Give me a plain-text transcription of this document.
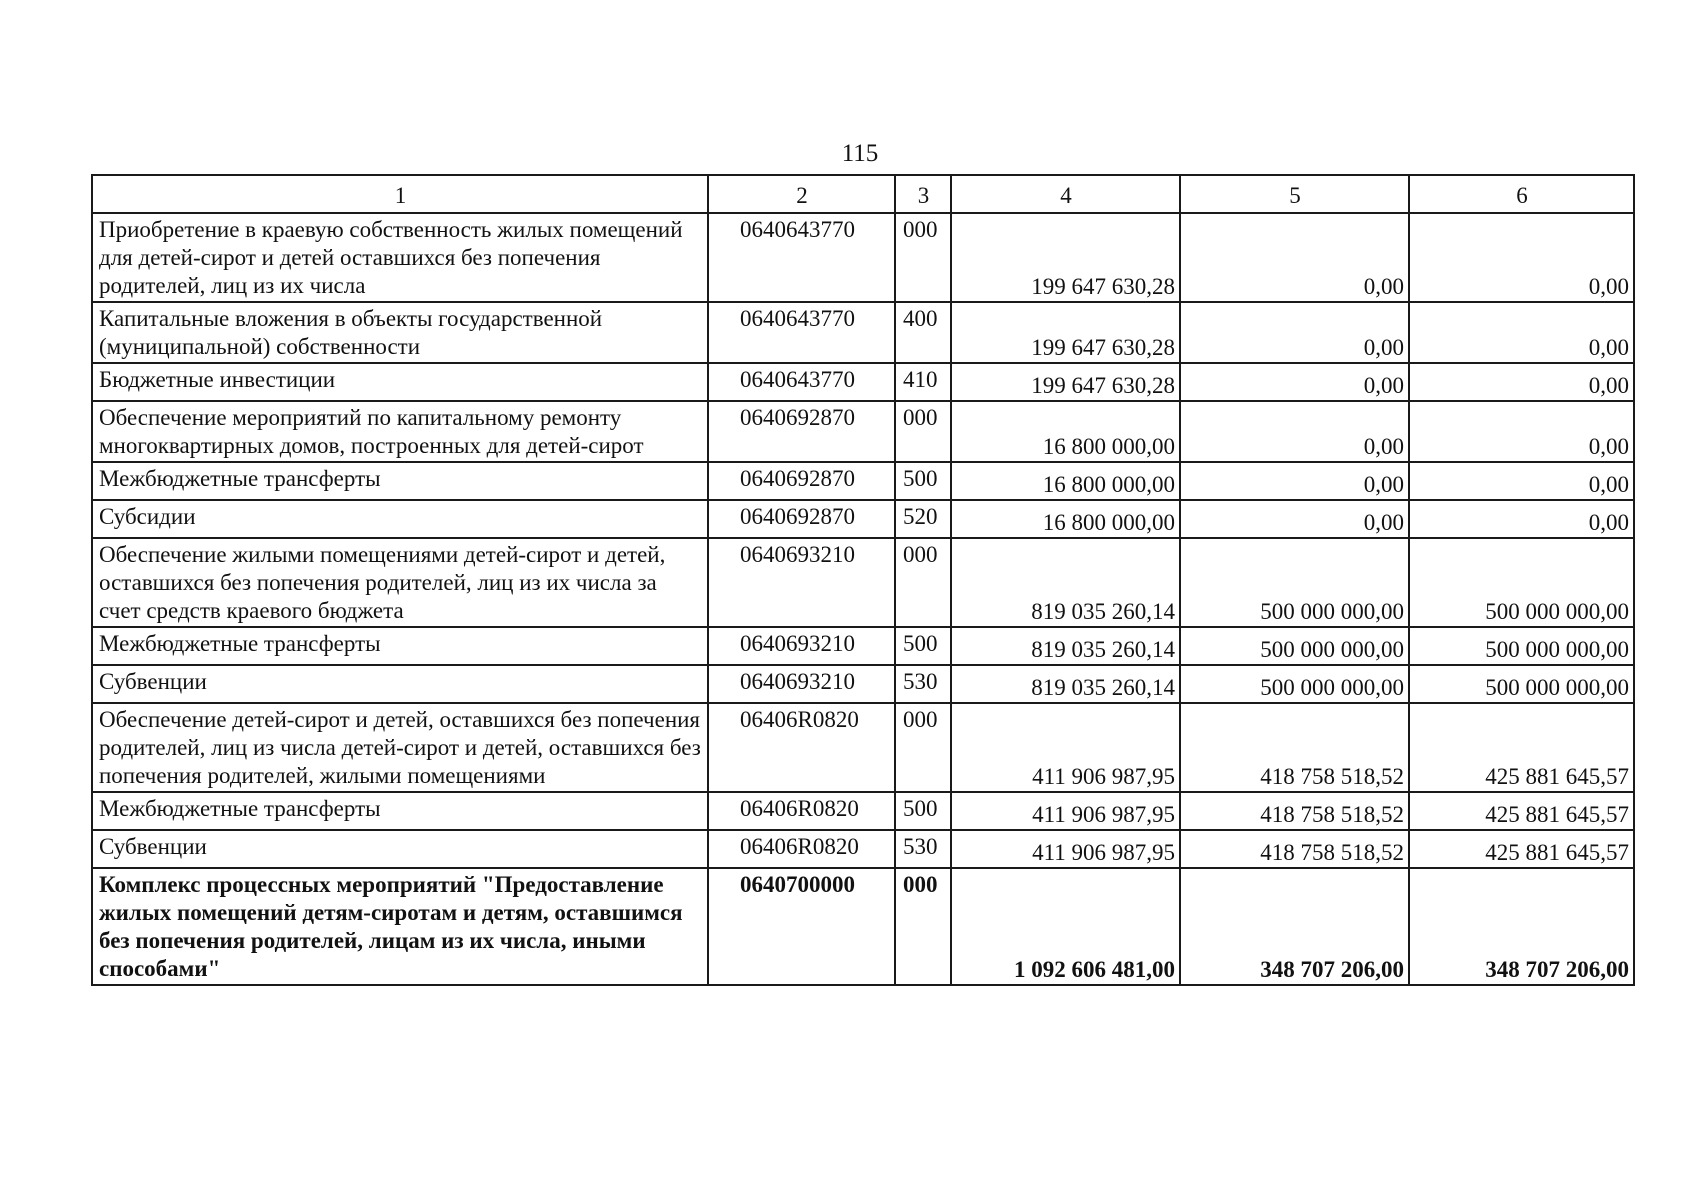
115
1	2	3	4	5	6
Приобретение в краевую собственность жилых помещений для детей-сирот и детей оставшихся без попечения родителей, лиц из их числа	0640643770	000	199 647 630,28	0,00	0,00
Капитальные вложения в объекты государственной (муниципальной) собственности	0640643770	400	199 647 630,28	0,00	0,00
Бюджетные инвестиции	0640643770	410	199 647 630,28	0,00	0,00
Обеспечение мероприятий по капитальному ремонту многоквартирных домов, построенных для детей-сирот	0640692870	000	16 800 000,00	0,00	0,00
Межбюджетные трансферты	0640692870	500	16 800 000,00	0,00	0,00
Субсидии	0640692870	520	16 800 000,00	0,00	0,00
Обеспечение жилыми помещениями детей-сирот и детей, оставшихся без попечения родителей, лиц из их числа за счет средств краевого бюджета	0640693210	000	819 035 260,14	500 000 000,00	500 000 000,00
Межбюджетные трансферты	0640693210	500	819 035 260,14	500 000 000,00	500 000 000,00
Субвенции	0640693210	530	819 035 260,14	500 000 000,00	500 000 000,00
Обеспечение детей-сирот и детей, оставшихся без попечения родителей, лиц из числа детей-сирот и детей, оставшихся без попечения родителей, жилыми помещениями	06406R0820	000	411 906 987,95	418 758 518,52	425 881 645,57
Межбюджетные трансферты	06406R0820	500	411 906 987,95	418 758 518,52	425 881 645,57
Субвенции	06406R0820	530	411 906 987,95	418 758 518,52	425 881 645,57
Комплекс процессных мероприятий "Предоставление жилых помещений детям-сиротам и детям, оставшимся без попечения родителей, лицам из их числа, иными способами"	0640700000	000	1 092 606 481,00	348 707 206,00	348 707 206,00
